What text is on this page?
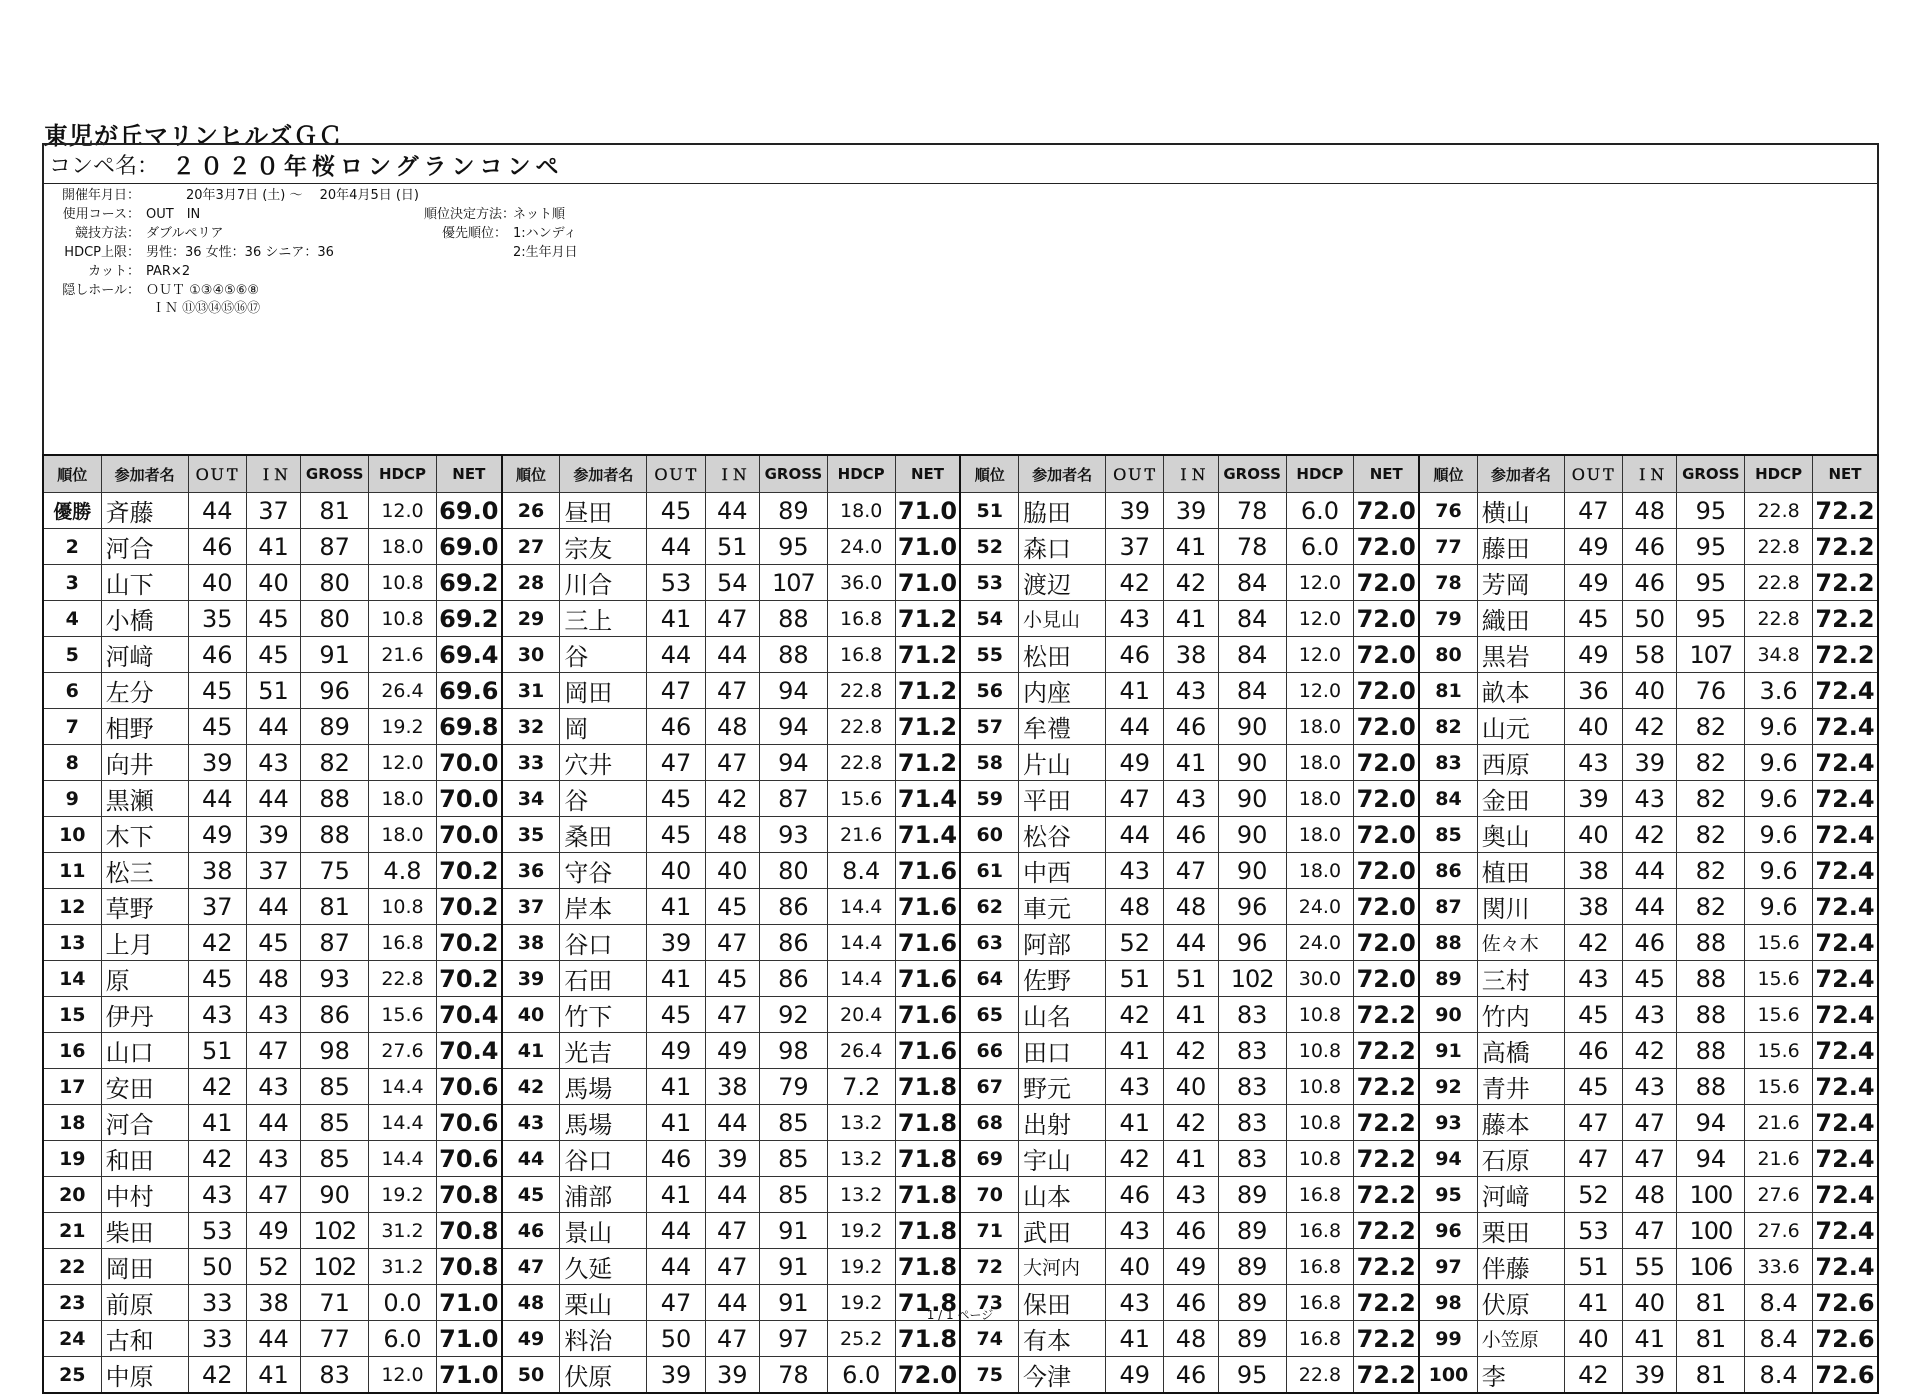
東児が丘マリンヒルズＧＣ
コンペ名： ２０２０年桜ロングランコンペ
開催年月日：	20年3月7日 (土) ～　 20年4月5日 (日)
使用コース： OUT　IN
競技方法： ダブルペリア
HDCP上限： 男性：36 女性：36 シニア：36
カット： PAR×2
隠しホール： ＯＵＴ ①③④⑤⑥⑧
ＩＮ ⑪⑬⑭⑮⑯⑰
順位決定方法：ネット順
優先順位： 1:ハンディ
2:生年月日
順位	参加者名	ＯＵＴ	ＩＮ	GROSS	HDCP	NET	順位	参加者名	ＯＵＴ	ＩＮ	GROSS	HDCP	NET	順位	参加者名	ＯＵＴ	ＩＮ	GROSS	HDCP	NET	順位	参加者名	ＯＵＴ	ＩＮ	GROSS	HDCP	NET
優勝	斉藤	44	37	81	12.0	69.0	26	昼田	45	44	89	18.0	71.0	51	脇田	39	39	78	6.0	72.0	76	横山	47	48	95	22.8	72.2
2	河合	46	41	87	18.0	69.0	27	宗友	44	51	95	24.0	71.0	52	森口	37	41	78	6.0	72.0	77	藤田	49	46	95	22.8	72.2
3	山下	40	40	80	10.8	69.2	28	川合	53	54	107	36.0	71.0	53	渡辺	42	42	84	12.0	72.0	78	芳岡	49	46	95	22.8	72.2
4	小橋	35	45	80	10.8	69.2	29	三上	41	47	88	16.8	71.2	54	小見山	43	41	84	12.0	72.0	79	織田	45	50	95	22.8	72.2
5	河﨑	46	45	91	21.6	69.4	30	谷	44	44	88	16.8	71.2	55	松田	46	38	84	12.0	72.0	80	黒岩	49	58	107	34.8	72.2
6	左分	45	51	96	26.4	69.6	31	岡田	47	47	94	22.8	71.2	56	内座	41	43	84	12.0	72.0	81	畝本	36	40	76	3.6	72.4
7	相野	45	44	89	19.2	69.8	32	岡	46	48	94	22.8	71.2	57	牟禮	44	46	90	18.0	72.0	82	山元	40	42	82	9.6	72.4
8	向井	39	43	82	12.0	70.0	33	穴井	47	47	94	22.8	71.2	58	片山	49	41	90	18.0	72.0	83	西原	43	39	82	9.6	72.4
9	黒瀬	44	44	88	18.0	70.0	34	谷	45	42	87	15.6	71.4	59	平田	47	43	90	18.0	72.0	84	金田	39	43	82	9.6	72.4
10	木下	49	39	88	18.0	70.0	35	桑田	45	48	93	21.6	71.4	60	松谷	44	46	90	18.0	72.0	85	奥山	40	42	82	9.6	72.4
11	松三	38	37	75	4.8	70.2	36	守谷	40	40	80	8.4	71.6	61	中西	43	47	90	18.0	72.0	86	植田	38	44	82	9.6	72.4
12	草野	37	44	81	10.8	70.2	37	岸本	41	45	86	14.4	71.6	62	車元	48	48	96	24.0	72.0	87	関川	38	44	82	9.6	72.4
13	上月	42	45	87	16.8	70.2	38	谷口	39	47	86	14.4	71.6	63	阿部	52	44	96	24.0	72.0	88	佐々木	42	46	88	15.6	72.4
14	原	45	48	93	22.8	70.2	39	石田	41	45	86	14.4	71.6	64	佐野	51	51	102	30.0	72.0	89	三村	43	45	88	15.6	72.4
15	伊丹	43	43	86	15.6	70.4	40	竹下	45	47	92	20.4	71.6	65	山名	42	41	83	10.8	72.2	90	竹内	45	43	88	15.6	72.4
16	山口	51	47	98	27.6	70.4	41	光吉	49	49	98	26.4	71.6	66	田口	41	42	83	10.8	72.2	91	高橋	46	42	88	15.6	72.4
17	安田	42	43	85	14.4	70.6	42	馬場	41	38	79	7.2	71.8	67	野元	43	40	83	10.8	72.2	92	青井	45	43	88	15.6	72.4
18	河合	41	44	85	14.4	70.6	43	馬場	41	44	85	13.2	71.8	68	出射	41	42	83	10.8	72.2	93	藤本	47	47	94	21.6	72.4
19	和田	42	43	85	14.4	70.6	44	谷口	46	39	85	13.2	71.8	69	宇山	42	41	83	10.8	72.2	94	石原	47	47	94	21.6	72.4
20	中村	43	47	90	19.2	70.8	45	浦部	41	44	85	13.2	71.8	70	山本	46	43	89	16.8	72.2	95	河﨑	52	48	100	27.6	72.4
21	柴田	53	49	102	31.2	70.8	46	景山	44	47	91	19.2	71.8	71	武田	43	46	89	16.8	72.2	96	栗田	53	47	100	27.6	72.4
22	岡田	50	52	102	31.2	70.8	47	久延	44	47	91	19.2	71.8	72	大河内	40	49	89	16.8	72.2	97	伴藤	51	55	106	33.6	72.4
23	前原	33	38	71	0.0	71.0	48	栗山	47	44	91	19.2	71.8	73	保田	43	46	89	16.8	72.2	98	伏原	41	40	81	8.4	72.6
24	古和	33	44	77	6.0	71.0	49	料治	50	47	97	25.2	71.8	74	有本	41	48	89	16.8	72.2	99	小笠原	40	41	81	8.4	72.6
25	中原	42	41	83	12.0	71.0	50	伏原	39	39	78	6.0	72.0	75	今津	49	46	95	22.8	72.2	100	李	42	39	81	8.4	72.6
1 / 1 ページ
